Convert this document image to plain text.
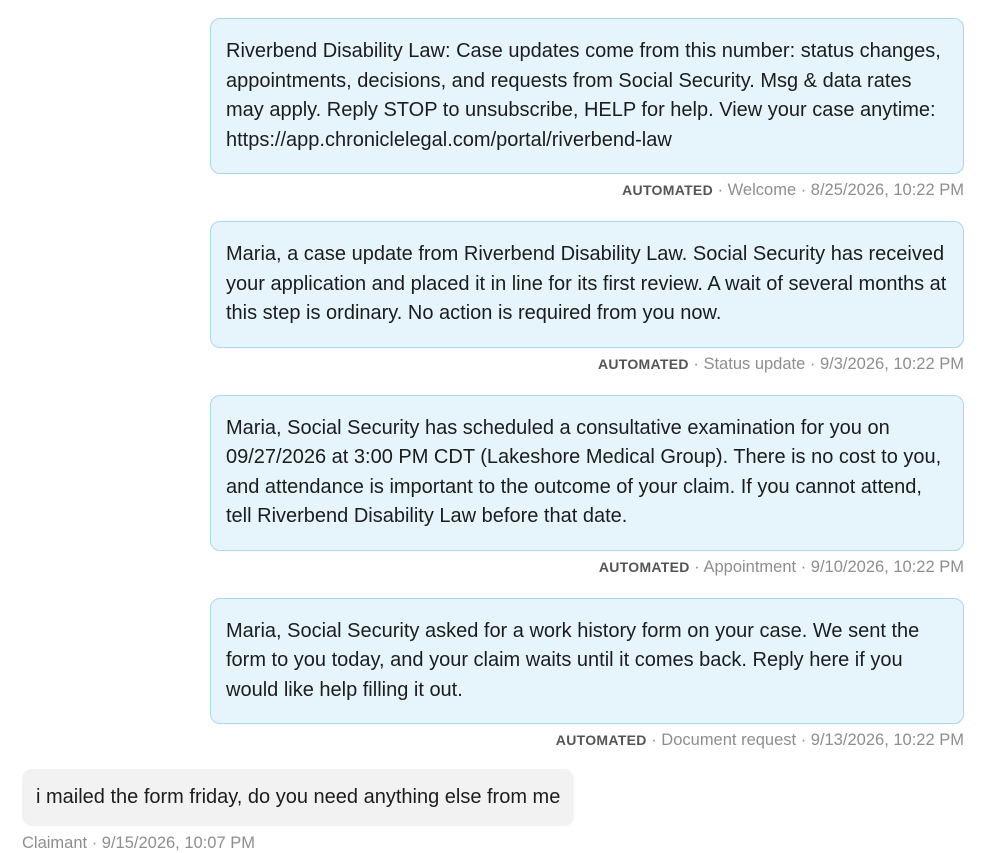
Riverbend Disability Law: Case updates come from this number: status changes, appointments, decisions, and requests from Social Security. Msg & data rates may apply. Reply STOP to unsubscribe, HELP for help. View your case anytime: https://app.chroniclelegal.com/portal/riverbend-law
AUTOMATED · Welcome · 8/25/2026, 10:22 PM
Maria, a case update from Riverbend Disability Law. Social Security has received your application and placed it in line for its first review. A wait of several months at this step is ordinary. No action is required from you now.
AUTOMATED · Status update · 9/3/2026, 10:22 PM
Maria, Social Security has scheduled a consultative examination for you on 09/27/2026 at 3:00 PM CDT (Lakeshore Medical Group). There is no cost to you, and attendance is important to the outcome of your claim. If you cannot attend, tell Riverbend Disability Law before that date.
AUTOMATED · Appointment · 9/10/2026, 10:22 PM
Maria, Social Security asked for a work history form on your case. We sent the form to you today, and your claim waits until it comes back. Reply here if you would like help filling it out.
AUTOMATED · Document request · 9/13/2026, 10:22 PM
i mailed the form friday, do you need anything else from me
Claimant · 9/15/2026, 10:07 PM
